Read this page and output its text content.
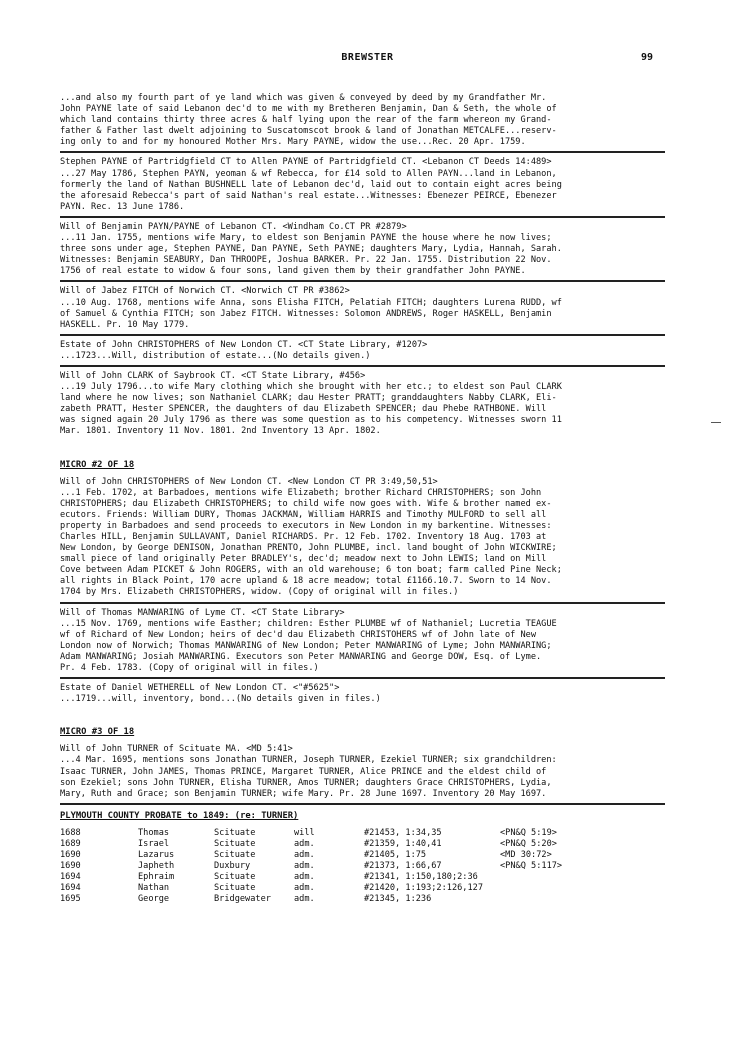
BREWSTER	99

...and also my fourth part of ye land which was given & conveyed by deed by my Grandfather Mr.
John PAYNE late of said Lebanon dec'd to me with my Bretheren Benjamin, Dan & Seth, the whole of
which land contains thirty three acres & half lying upon the rear of the farm whereon my Grand-
father & Father last dwelt adjoining to Suscatomscot brook & land of Jonathan METCALFE...reserv-
ing only to and for my honoured Mother Mrs. Mary PAYNE, widow the use...Rec. 20 Apr. 1759.

Stephen PAYNE of Partridgfield CT to Allen PAYNE of Partridgfield CT. <Lebanon CT Deeds 14:489>
...27 May 1786, Stephen PAYN, yeoman & wf Rebecca, for £14 sold to Allen PAYN...land in Lebanon,
formerly the land of Nathan BUSHNELL late of Lebanon dec'd, laid out to contain eight acres being
the aforesaid Rebecca's part of said Nathan's real estate...Witnesses: Ebenezer PEIRCE, Ebenezer
PAYN. Rec. 13 June 1786.

Will of Benjamin PAYN/PAYNE of Lebanon CT. <Windham Co.CT PR #2879>
...11 Jan. 1755, mentions wife Mary, to eldest son Benjamin PAYNE the house where he now lives;
three sons under age, Stephen PAYNE, Dan PAYNE, Seth PAYNE; daughters Mary, Lydia, Hannah, Sarah.
Witnesses: Benjamin SEABURY, Dan THROOPE, Joshua BARKER. Pr. 22 Jan. 1755. Distribution 22 Nov.
1756 of real estate to widow & four sons, land given them by their grandfather John PAYNE.

Will of Jabez FITCH of Norwich CT. <Norwich CT PR #3862>
...10 Aug. 1768, mentions wife Anna, sons Elisha FITCH, Pelatiah FITCH; daughters Lurena RUDD, wf
of Samuel & Cynthia FITCH; son Jabez FITCH. Witnesses: Solomon ANDREWS, Roger HASKELL, Benjamin
HASKELL. Pr. 10 May 1779.

Estate of John CHRISTOPHERS of New London CT. <CT State Library, #1207>
...1723...Will, distribution of estate...(No details given.)

Will of John CLARK of Saybrook CT. <CT State Library, #456>
...19 July 1796...to wife Mary clothing which she brought with her etc.; to eldest son Paul CLARK
land where he now lives; son Nathaniel CLARK; dau Hester PRATT; granddaughters Nabby CLARK, Eli-
zabeth PRATT, Hester SPENCER, the daughters of dau Elizabeth SPENCER; dau Phebe RATHBONE. Will
was signed again 20 July 1796 as there was some question as to his competency. Witnesses sworn 11
Mar. 1801. Inventory 11 Nov. 1801. 2nd Inventory 13 Apr. 1802.

MICRO #2 OF 18

Will of John CHRISTOPHERS of New London CT. <New London CT PR 3:49,50,51>
...1 Feb. 1702, at Barbadoes, mentions wife Elizabeth; brother Richard CHRISTOPHERS; son John
CHRISTOPHERS; dau Elizabeth CHRISTOPHERS; to child wife now goes with. Wife & brother named ex-
ecutors. Friends: William DURY, Thomas JACKMAN, William HARRIS and Timothy MULFORD to sell all
property in Barbadoes and send proceeds to executors in New London in my barkentine. Witnesses:
Charles HILL, Benjamin SULLAVANT, Daniel RICHARDS. Pr. 12 Feb. 1702. Inventory 18 Aug. 1703 at
New London, by George DENISON, Jonathan PRENTO, John PLUMBE, incl. land bought of John WICKWIRE;
small piece of land originally Peter BRADLEY's, dec'd; meadow next to John LEWIS; land on Mill
Cove between Adam PICKET & John ROGERS, with an old warehouse; 6 ton boat; farm called Pine Neck;
all rights in Black Point, 170 acre upland & 18 acre meadow; total £1166.10.7. Sworn to 14 Nov.
1704 by Mrs. Elizabeth CHRISTOPHERS, widow. (Copy of original will in files.)

Will of Thomas MANWARING of Lyme CT. <CT State Library>
...15 Nov. 1769, mentions wife Easther; children: Esther PLUMBE wf of Nathaniel; Lucretia TEAGUE
wf of Richard of New London; heirs of dec'd dau Elizabeth CHRISTOHERS wf of John late of New
London now of Norwich; Thomas MANWARING of New London; Peter MANWARING of Lyme; John MANWARING;
Adam MANWARING; Josiah MANWARING. Executors son Peter MANWARING and George DOW, Esq. of Lyme.
Pr. 4 Feb. 1783. (Copy of original will in files.)

Estate of Daniel WETHERELL of New London CT. <"#5625">
...1719...will, inventory, bond...(No details given in files.)

MICRO #3 OF 18

Will of John TURNER of Scituate MA. <MD 5:41>
...4 Mar. 1695, mentions sons Jonathan TURNER, Joseph TURNER, Ezekiel TURNER; six grandchildren:
Isaac TURNER, John JAMES, Thomas PRINCE, Margaret TURNER, Alice PRINCE and the eldest child of
son Ezekiel; sons John TURNER, Elisha TURNER, Amos TURNER; daughters Grace CHRISTOPHERS, Lydia,
Mary, Ruth and Grace; son Benjamin TURNER; wife Mary. Pr. 28 June 1697. Inventory 20 May 1697.

PLYMOUTH COUNTY PROBATE to 1849: (re: TURNER)
1688	Thomas	Scituate	will	#21453, 1:34,35	<PN&Q 5:19>
1689	Israel	Scituate	adm.	#21359, 1:40,41	<PN&Q 5:20>
1690	Lazarus	Scituate	adm.	#21405, 1:75	<MD 30:72>
1690	Japheth	Duxbury	adm.	#21373, 1:66,67	<PN&Q 5:117>
1694	Ephraim	Scituate	adm.	#21341, 1:150,180;2:36	
1694	Nathan	Scituate	adm.	#21420, 1:193;2:126,127	
1695	George	Bridgewater	adm.	#21345, 1:236	
